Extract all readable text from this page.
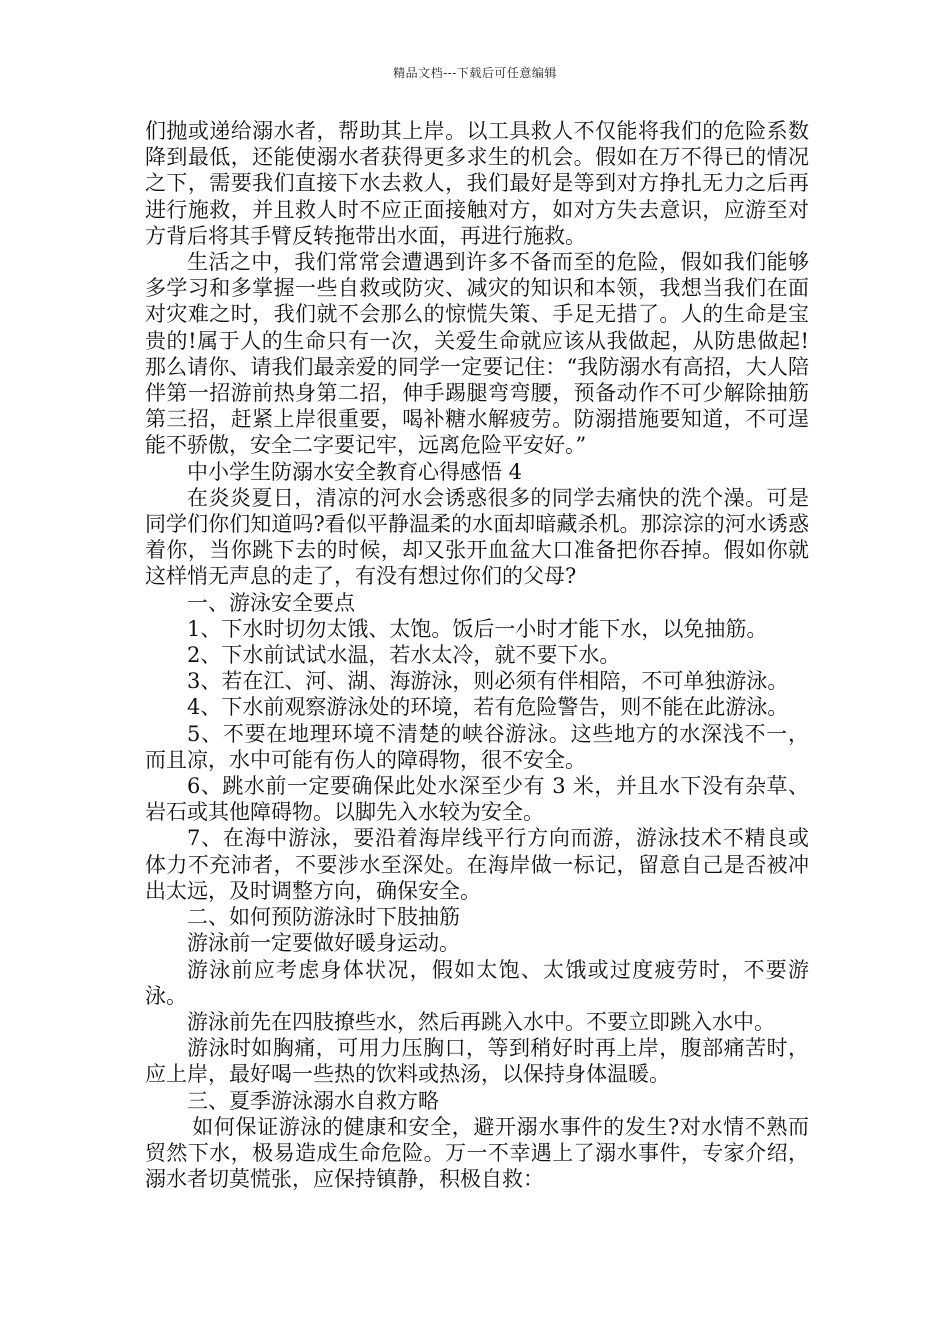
精品文档---下载后可任意编辑

们抛或递给溺水者，帮助其上岸。以工具救人不仅能将我们的危险系数降到最低，还能使溺水者获得更多求生的机会。假如在万不得已的情况之下，需要我们直接下水去救人，我们最好是等到对方挣扎无力之后再进行施救，并且救人时不应正面接触对方，如对方失去意识，应游至对方背后将其手臂反转拖带出水面，再进行施救。

生活之中，我们常常会遭遇到许多不备而至的危险，假如我们能够多学习和多掌握一些自救或防灾、减灾的知识和本领，我想当我们在面对灾难之时，我们就不会那么的惊慌失策、手足无措了。人的生命是宝贵的!属于人的生命只有一次，关爱生命就应该从我做起，从防患做起!那么请你、请我们最亲爱的同学一定要记住：“我防溺水有高招，大人陪伴第一招游前热身第二招，伸手踢腿弯弯腰，预备动作不可少解除抽筋第三招，赶紧上岸很重要，喝补糖水解疲劳。防溺措施要知道，不可逞能不骄傲，安全二字要记牢，远离危险平安好。”

中小学生防溺水安全教育心得感悟 4

在炎炎夏日，清凉的河水会诱惑很多的同学去痛快的洗个澡。可是同学们你们知道吗?看似平静温柔的水面却暗藏杀机。那淙淙的河水诱惑着你，当你跳下去的时候，却又张开血盆大口准备把你吞掉。假如你就这样悄无声息的走了，有没有想过你们的父母?

一、游泳安全要点

1、下水时切勿太饿、太饱。饭后一小时才能下水，以免抽筋。

2、下水前试试水温，若水太冷，就不要下水。

3、若在江、河、湖、海游泳，则必须有伴相陪，不可单独游泳。

4、下水前观察游泳处的环境，若有危险警告，则不能在此游泳。

5、不要在地理环境不清楚的峡谷游泳。这些地方的水深浅不一，而且凉，水中可能有伤人的障碍物，很不安全。

6、跳水前一定要确保此处水深至少有 3 米，并且水下没有杂草、岩石或其他障碍物。以脚先入水较为安全。

7、在海中游泳，要沿着海岸线平行方向而游，游泳技术不精良或体力不充沛者，不要涉水至深处。在海岸做一标记，留意自己是否被冲出太远，及时调整方向，确保安全。

二、如何预防游泳时下肢抽筋

游泳前一定要做好暖身运动。

游泳前应考虑身体状况，假如太饱、太饿或过度疲劳时，不要游泳。

游泳前先在四肢撩些水，然后再跳入水中。不要立即跳入水中。

游泳时如胸痛，可用力压胸口，等到稍好时再上岸，腹部痛苦时，应上岸，最好喝一些热的饮料或热汤，以保持身体温暖。

三、夏季游泳溺水自救方略

如何保证游泳的健康和安全，避开溺水事件的发生?对水情不熟而贸然下水，极易造成生命危险。万一不幸遇上了溺水事件，专家介绍，溺水者切莫慌张，应保持镇静，积极自救：
